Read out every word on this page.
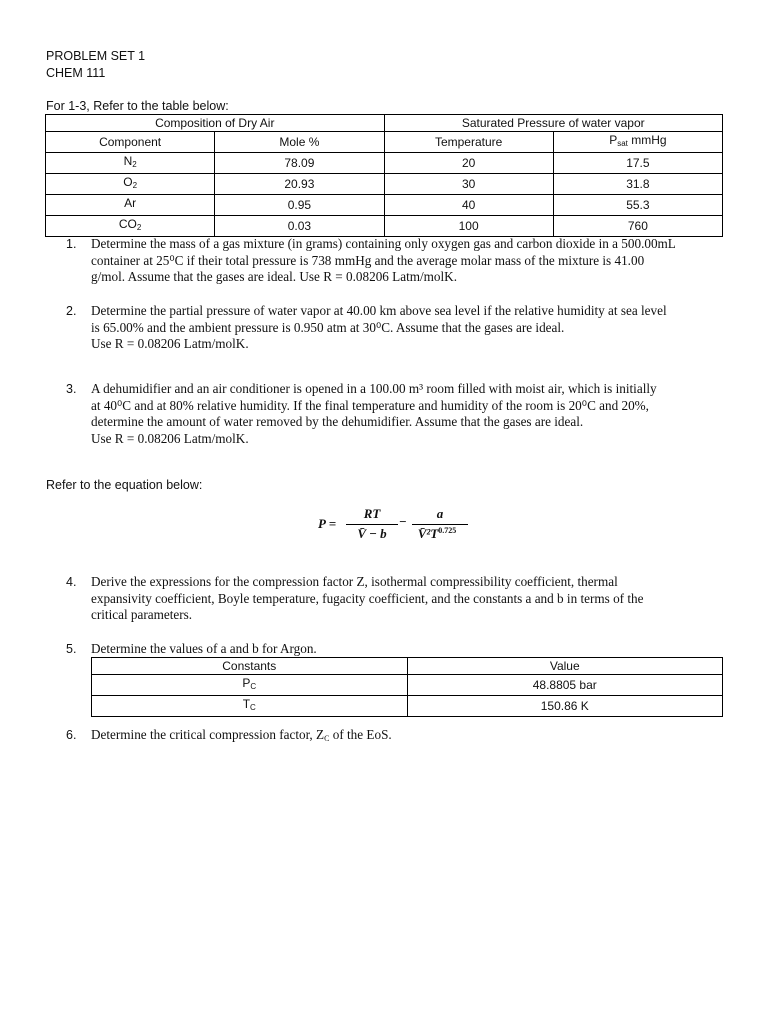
PROBLEM SET 1
CHEM 111
For 1-3, Refer to the table below:
Composition of Dry Air		Saturated Pressure of water vapor	
Component	Mole %	Temperature	$P_{sat}$ mmHg
$N_2$	78.09	20	17.5
$O_2$	20.93	30	31.8
Ar	0.95	40	55.3
$CO_2$	0.03	100	760
1. Determine the mass of a gas mixture (in grams) containing only oxygen gas and carbon dioxide in a 500.00mL
container at 25⁰C if their total pressure is 738 mmHg and the average molar mass of the mixture is 41.00
g/mol. Assume that the gases are ideal. Use R = 0.08206 Latm/molK.
2. Determine the partial pressure of water vapor at 40.00 km above sea level if the relative humidity at sea level
is 65.00% and the ambient pressure is 0.950 atm at 30⁰C. Assume that the gases are ideal.
Use R = 0.08206 Latm/molK.
3. A dehumidifier and an air conditioner is opened in a 100.00 m³ room filled with moist air, which is initially
at 40⁰C and at 80% relative humidity. If the final temperature and humidity of the room is 20⁰C and 20%,
determine the amount of water removed by the dehumidifier. Assume that the gases are ideal.
Use R = 0.08206 Latm/molK.
Refer to the equation below:
P =
RT
V̄ − b
−
a
$V̄^2T^{0.725}$
4. Derive the expressions for the compression factor Z, isothermal compressibility coefficient, thermal
expansivity coefficient, Boyle temperature, fugacity coefficient, and the constants a and b in terms of the
critical parameters.
5. Determine the values of a and b for Argon.
Constants	Value
$P_C$	48.8805 bar
$T_C$	150.86 K
6. Determine the critical compression factor, $Z_C$ of the EoS.
